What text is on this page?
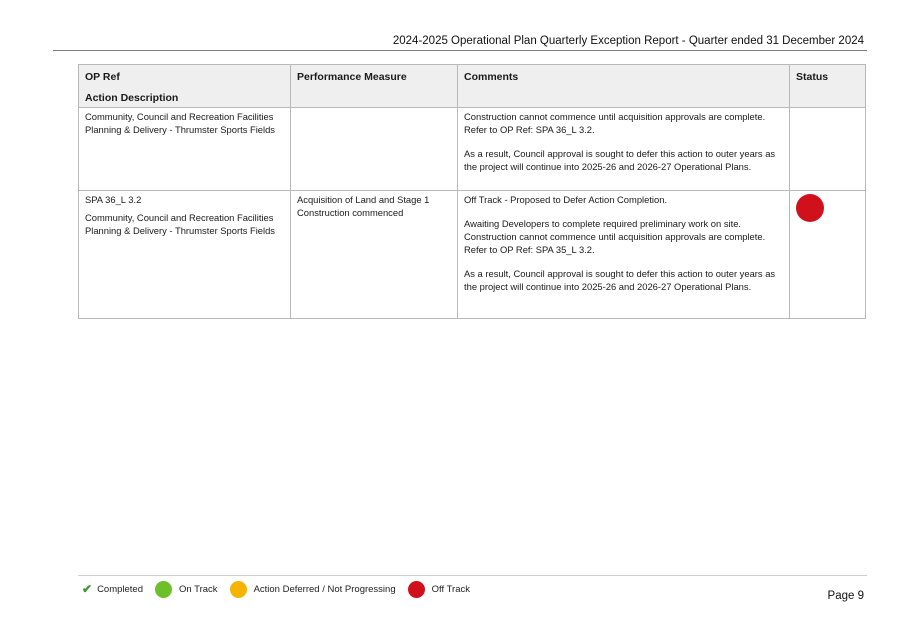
2024-2025 Operational Plan Quarterly Exception Report - Quarter ended 31 December 2024
OP Ref
Action Description	Performance Measure	Comments	Status

Community, Council and Recreation Facilities Planning & Delivery - Thrumster Sports Fields		Construction cannot commence until acquisition approvals are complete. Refer to OP Ref: SPA 36_L 3.2.
As a result, Council approval is sought to defer this action to outer years as the project will continue into 2025-26 and 2026-27 Operational Plans.	

SPA 36_L 3.2
Community, Council and Recreation Facilities Planning & Delivery - Thrumster Sports Fields	Acquisition of Land and Stage 1 Construction commenced	Off Track - Proposed to Defer Action Completion.
Awaiting Developers to complete required preliminary work on site. Construction cannot commence until acquisition approvals are complete. Refer to OP Ref: SPA 35_L 3.2.
As a result, Council approval is sought to defer this action to outer years as the project will continue into 2025-26 and 2026-27 Operational Plans.	

✔ Completed	On Track	Action Deferred / Not Progressing	Off Track
Page 9
